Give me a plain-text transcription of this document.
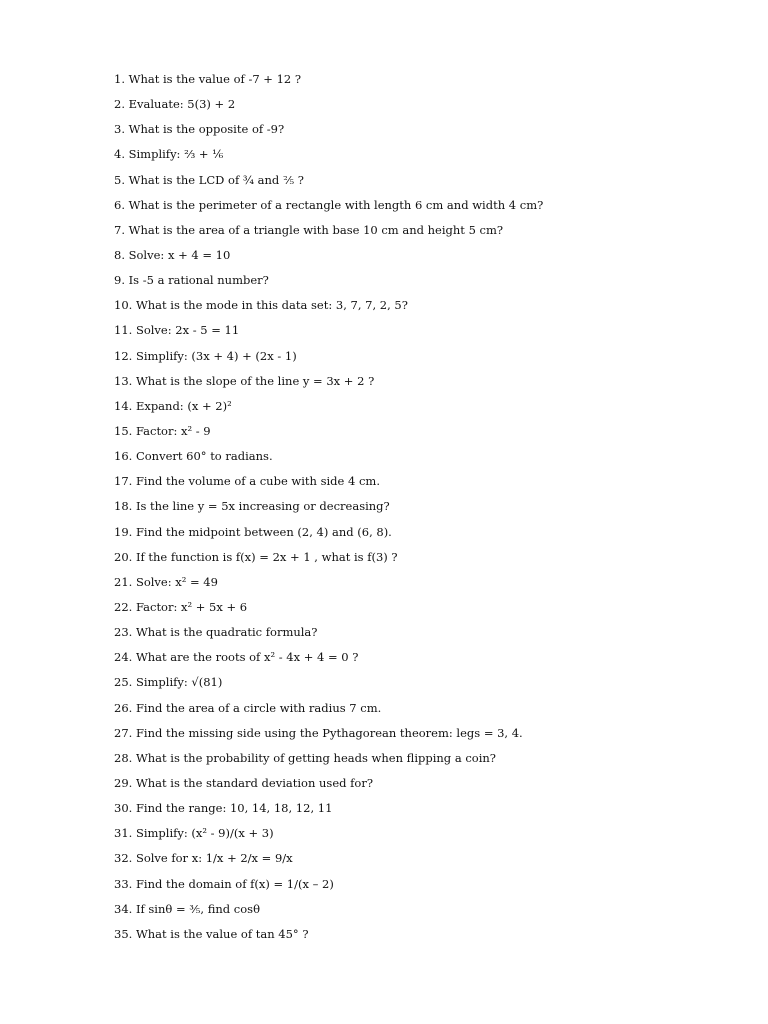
1. What is the value of -7 + 12 ?
2. Evaluate: 5(3) + 2
3. What is the opposite of -9?
4. Simplify: ⅔ + ⅙
5. What is the LCD of ¾ and ⅖ ?
6. What is the perimeter of a rectangle with length 6 cm and width 4 cm?
7. What is the area of a triangle with base 10 cm and height 5 cm?
8. Solve: x + 4 = 10
9. Is -5 a rational number?
10. What is the mode in this data set: 3, 7, 7, 2, 5?
11. Solve: 2x - 5 = 11
12. Simplify: (3x + 4) + (2x - 1)
13. What is the slope of the line y = 3x + 2 ?
14. Expand: (x + 2)²
15. Factor: x² - 9
16. Convert 60° to radians.
17. Find the volume of a cube with side 4 cm.
18. Is the line y = 5x increasing or decreasing?
19. Find the midpoint between (2, 4) and (6, 8).
20. If the function is f(x) = 2x + 1 , what is f(3) ?
21. Solve: x² = 49
22. Factor: x² + 5x + 6
23. What is the quadratic formula?
24. What are the roots of x² - 4x + 4 = 0 ?
25. Simplify: √(81)
26. Find the area of a circle with radius 7 cm.
27. Find the missing side using the Pythagorean theorem: legs = 3, 4.
28. What is the probability of getting heads when flipping a coin?
29. What is the standard deviation used for?
30. Find the range: 10, 14, 18, 12, 11
31. Simplify: (x² - 9)/(x + 3)
32. Solve for x: 1/x + 2/x = 9/x
33. Find the domain of f(x) = 1/(x – 2)
34. If sinθ = ⅗, find cosθ
35. What is the value of tan 45° ?
